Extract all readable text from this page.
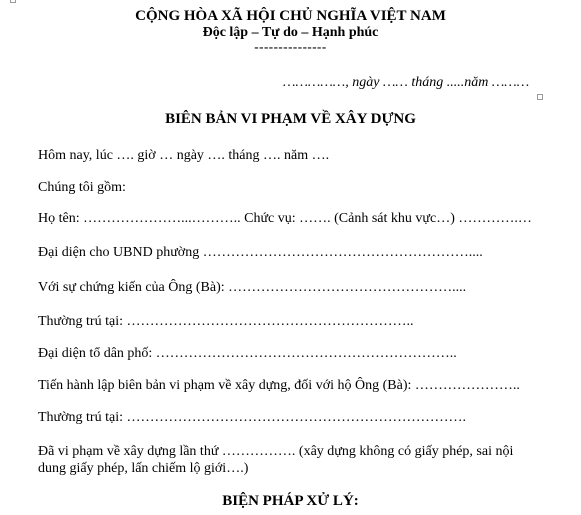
CỘNG HÒA XÃ HỘI CHỦ NGHĨA VIỆT NAM
Độc lập – Tự do – Hạnh phúc
---------------
……………, ngày …… tháng .....năm ………
BIÊN BẢN VI PHẠM VỀ XÂY DỰNG
Hôm nay, lúc …. giờ … ngày …. tháng …. năm ….
Chúng tôi gồm:
Họ tên: …………………...……….. Chức vụ: ……. (Cảnh sát khu vực…) ………….…
Đại diện cho UBND phường …………………………………………………....
Với sự chứng kiến của Ông (Bà): …………………………………………....
Thường trú tại: ……………………………………………………..
Đại diện tổ dân phố: ………………………………………………………..
Tiến hành lập biên bản vi phạm về xây dựng, đối với hộ Ông (Bà): …………………..
Thường trú tại: ……………………………………………………………….
Đã vi phạm về xây dựng lần thứ ……………. (xây dựng không có giấy phép, sai nội
dung giấy phép, lấn chiếm lộ giới….)
BIỆN PHÁP XỬ LÝ:
